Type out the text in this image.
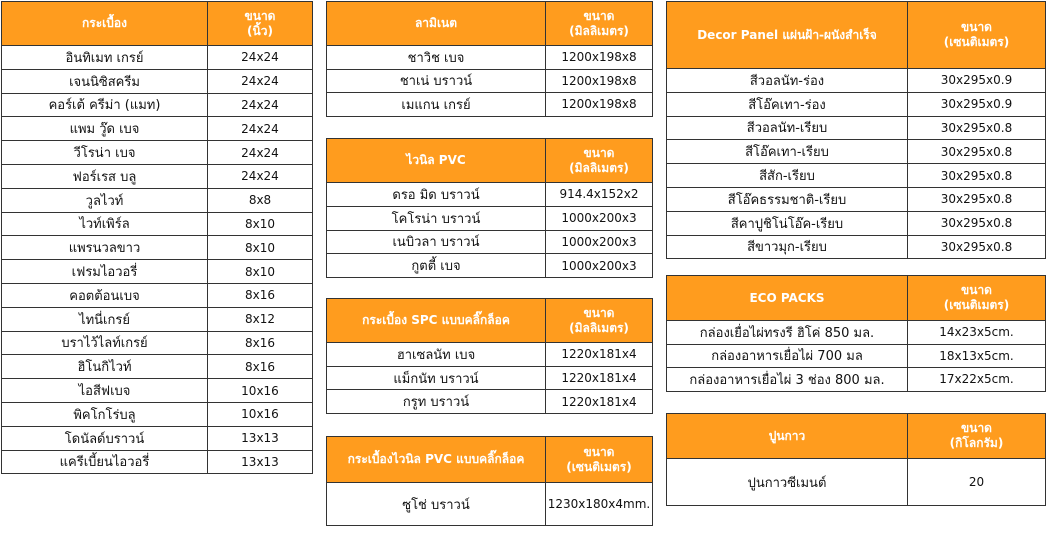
กระเบื้อง	ขนาด
(นิ้ว)
อินทิเมท เกรย์	24x24
เจนนิซิสครีม	24x24
คอร์เต้ ครีม่า (แมท)	24x24
แพม วู๊ด เบจ	24x24
วีโรน่า เบจ	24x24
ฟอร์เรส บลู	24x24
วูลไวท์	8x8
ไวท์เพิร์ล	8x10
แพรนวลขาว	8x10
เฟรมไอวอรี่	8x10
คอตต้อนเบจ	8x16
ไทนี่เกรย์	8x12
บราไว้ไลท์เกรย์	8x16
ฮิโนกิไวท์	8x16
ไอสีฟเบจ	10x16
พิคโกโร่บลู	10x16
โดนัลด์บราวน์	13x13
แครีเบี้ยนไอวอรี่	13x13
ลามิเนต	ขนาด
(มิลลิเมตร)
ชาวิช เบจ	1200x198x8
ชาเน่ บราวน์	1200x198x8
เมแกน เกรย์	1200x198x8
ไวนิล PVC	ขนาด
(มิลลิเมตร)
ดรอ มิด บราวน์	914.4x152x2
โคโรน่า บราวน์	1000x200x3
เนบิวลา บราวน์	1000x200x3
กูตตี้ เบจ	1000x200x3
กระเบื้อง SPC แบบคลิ๊กล็อค	ขนาด
(มิลลิเมตร)
ฮาเซลนัท เบจ	1220x181x4
แม็กนัท บราวน์	1220x181x4
กรูท บราวน์	1220x181x4
กระเบื้องไวนิล PVC แบบคลิ๊กล็อค	ขนาด
(เซนติเมตร)
ซูโช่ บราวน์	1230x180x4mm.
Decor Panel แผ่นฝ้า-ผนังสำเร็จ	ขนาด
(เซนติเมตร)
สีวอลนัท-ร่อง	30x295x0.9
สีโอ๊คเทา-ร่อง	30x295x0.9
สีวอลนัท-เรียบ	30x295x0.8
สีโอ๊คเทา-เรียบ	30x295x0.8
สีสัก-เรียบ	30x295x0.8
สีโอ๊คธรรมชาติ-เรียบ	30x295x0.8
สีคาปูชิโน่โอ๊ค-เรียบ	30x295x0.8
สีขาวมุก-เรียบ	30x295x0.8
ECO PACKS	ขนาด
(เซนติเมตร)
กล่องเยื่อไผ่ทรงรี ฮิโค่ 850 มล.	14x23x5cm.
กล่องอาหารเยื่อไผ่ 700 มล	18x13x5cm.
กล่องอาหารเยื่อไผ่ 3 ช่อง 800 มล.	17x22x5cm.
ปูนกาว	ขนาด
(กิโลกรัม)
ปูนกาวซีเมนต์	20
